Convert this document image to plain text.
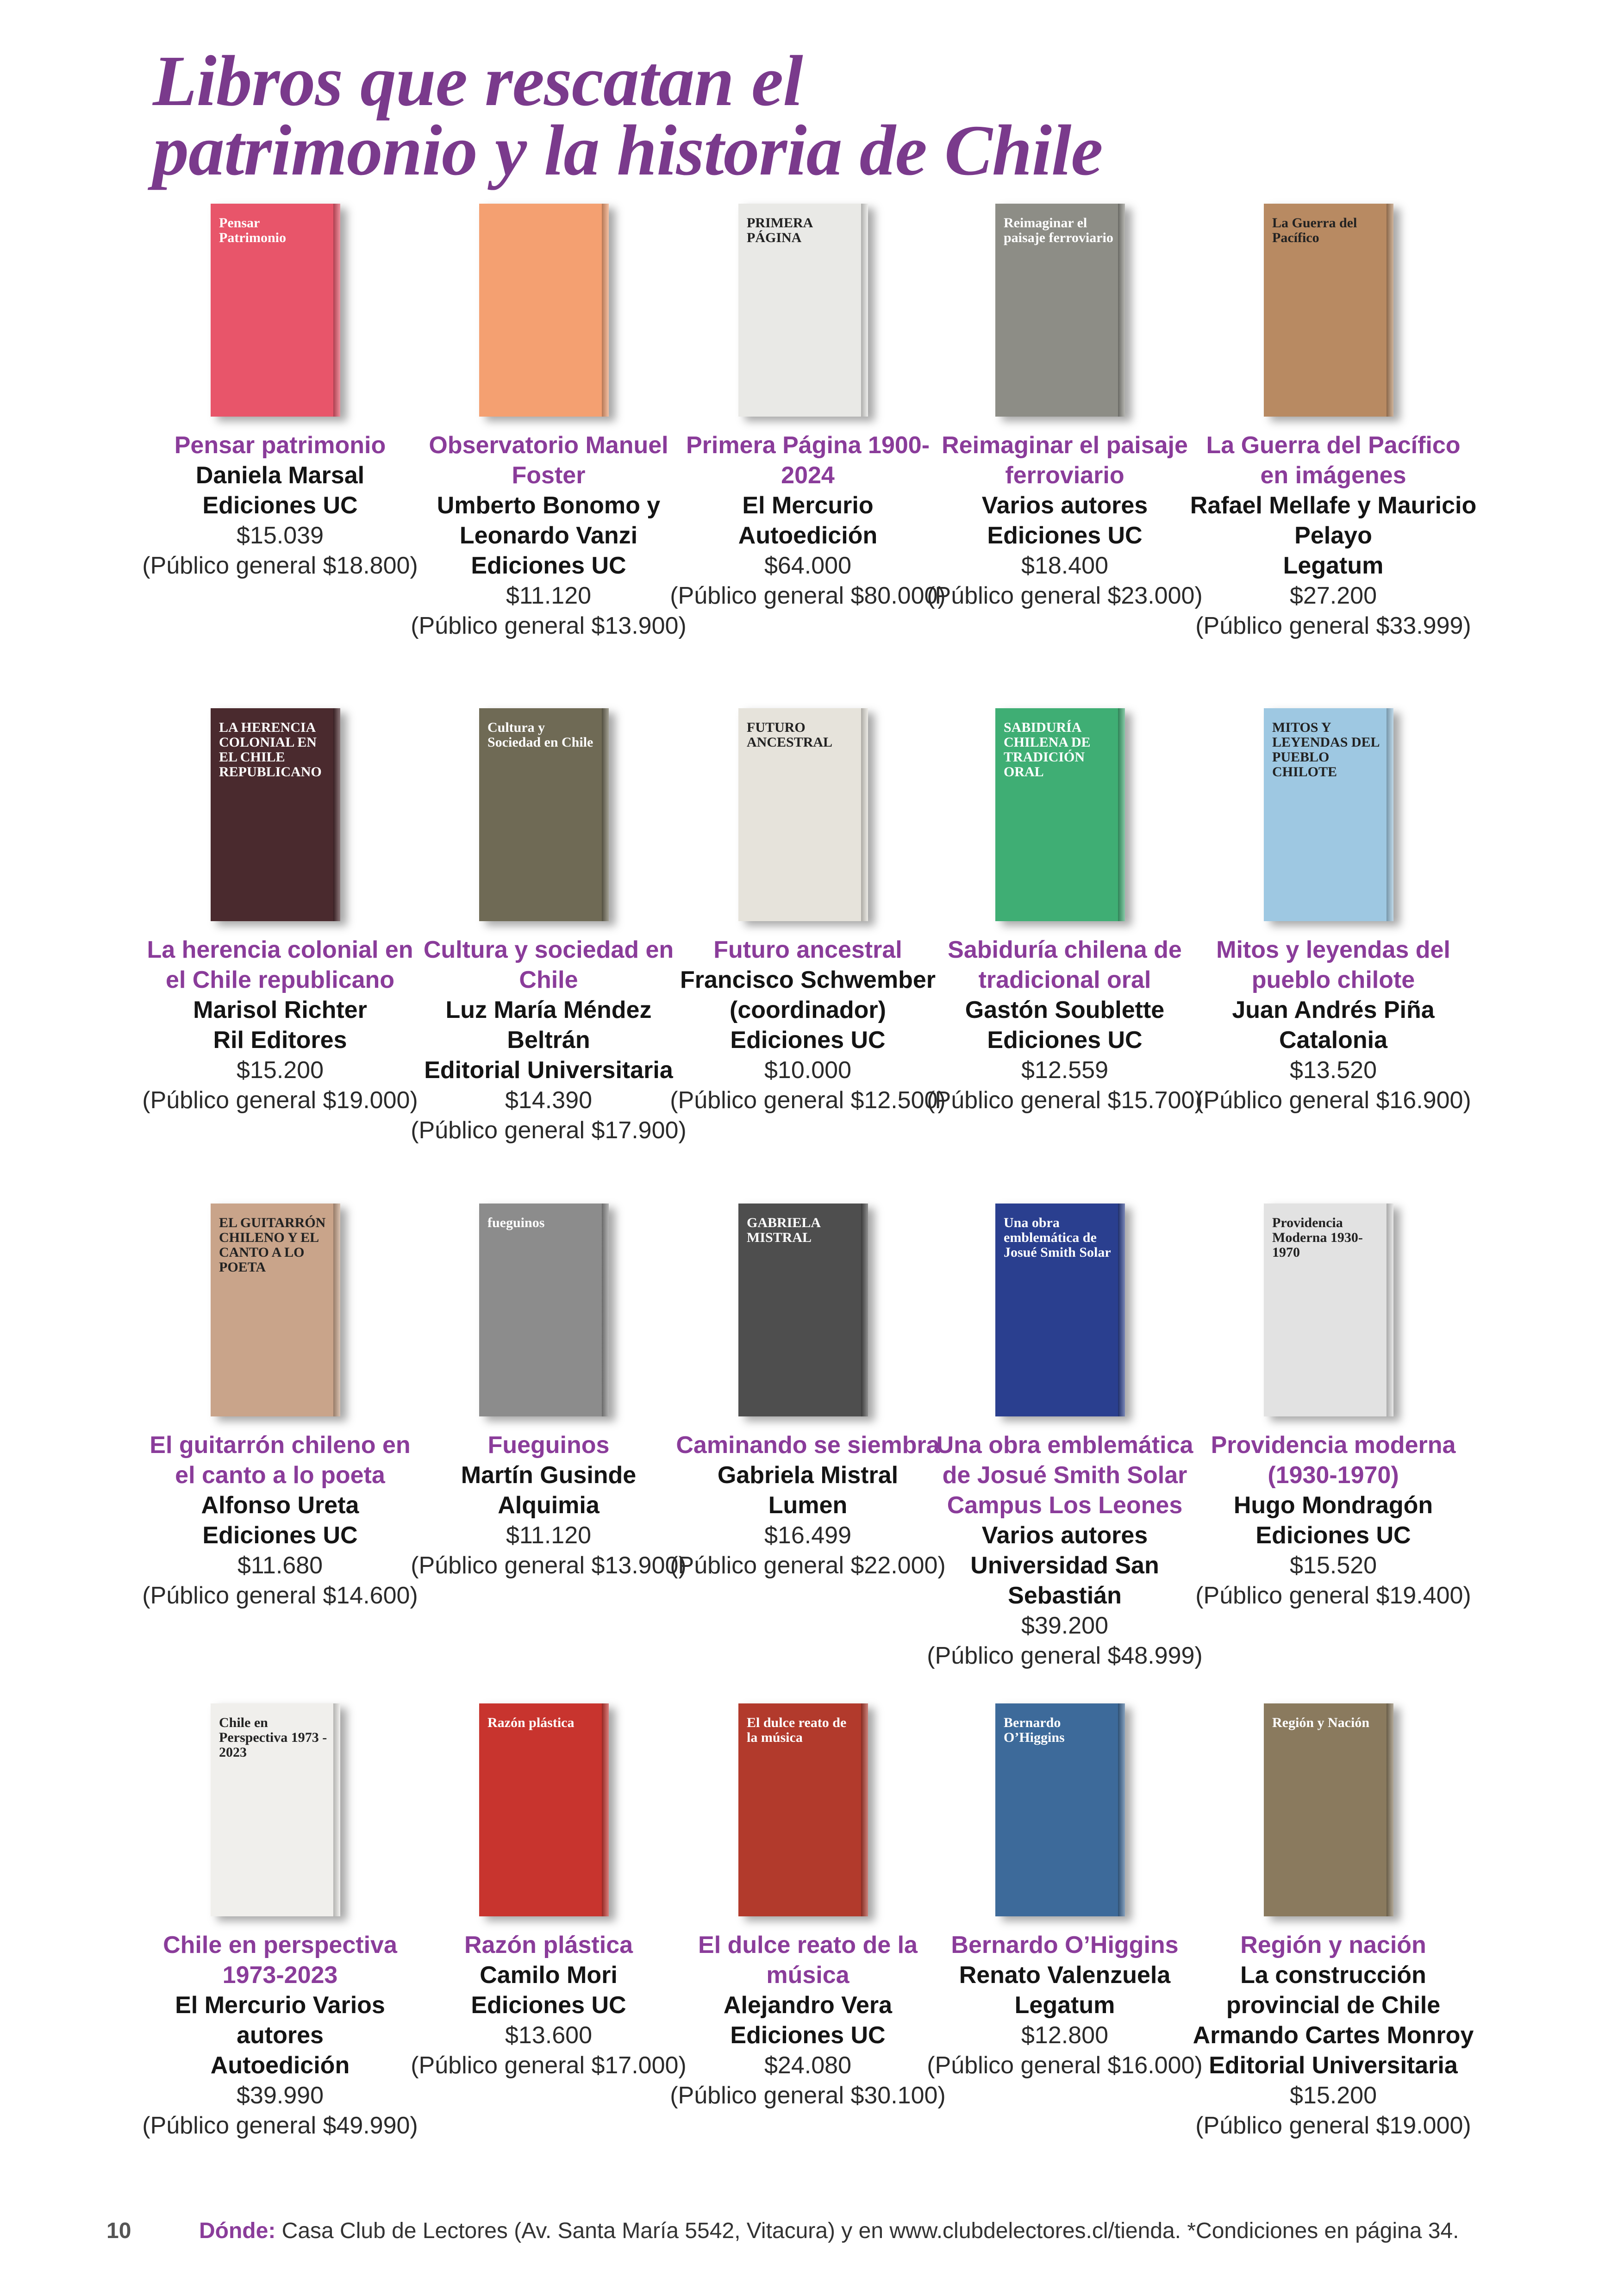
Libros que rescatan el
patrimonio y la historia de Chile
Pensar Patrimonio
Pensar patrimonio
Daniela Marsal
Ediciones UC
$15.039
(Público general $18.800)
Observatorio Manuel Foster
Umberto Bonomo y Leonardo Vanzi
Ediciones UC
$11.120
(Público general $13.900)
PRIMERA PÁGINA
Primera Página 1900-2024
El Mercurio
Autoedición
$64.000
(Público general $80.000)
Reimaginar el paisaje ferroviario
Reimaginar el paisaje ferroviario
Varios autores
Ediciones UC
$18.400
(Público general $23.000)
La Guerra del Pacífico
La Guerra del Pacífico en imágenes
Rafael Mellafe y Mauricio Pelayo
Legatum
$27.200
(Público general $33.999)
LA HERENCIA COLONIAL EN EL CHILE REPUBLICANO
La herencia colonial en el Chile republicano
Marisol Richter
Ril Editores
$15.200
(Público general $19.000)
Cultura y Sociedad en Chile
Cultura y sociedad en Chile
Luz María Méndez Beltrán
Editorial Universitaria
$14.390
(Público general $17.900)
FUTURO ANCESTRAL
Futuro ancestral
Francisco Schwember (coordinador)
Ediciones UC
$10.000
(Público general $12.500)
SABIDURÍA CHILENA DE TRADICIÓN ORAL
Sabiduría chilena de tradicional oral
Gastón Soublette
Ediciones UC
$12.559
(Público general $15.700)
MITOS Y LEYENDAS DEL PUEBLO CHILOTE
Mitos y leyendas del pueblo chilote
Juan Andrés Piña
Catalonia
$13.520
(Público general $16.900)
EL GUITARRÓN CHILENO Y EL CANTO A LO POETA
El guitarrón chileno en el canto a lo poeta
Alfonso Ureta
Ediciones UC
$11.680
(Público general $14.600)
fueguinos
Fueguinos
Martín Gusinde
Alquimia
$11.120
(Público general $13.900)
GABRIELA MISTRAL
Caminando se siembra
Gabriela Mistral
Lumen
$16.499
(Público general $22.000)
Una obra emblemática de Josué Smith Solar
Una obra emblemática de Josué Smith Solar Campus Los Leones
Varios autores
Universidad San Sebastián
$39.200
(Público general $48.999)
Providencia Moderna 1930-1970
Providencia moderna (1930-1970)
Hugo Mondragón
Ediciones UC
$15.520
(Público general $19.400)
Chile en Perspectiva 1973 - 2023
Chile en perspectiva 1973-2023
El Mercurio Varios autores
Autoedición
$39.990
(Público general $49.990)
Razón plástica
Razón plástica
Camilo Mori
Ediciones UC
$13.600
(Público general $17.000)
El dulce reato de la música
El dulce reato de la música
Alejandro Vera
Ediciones UC
$24.080
(Público general $30.100)
Bernardo O’Higgins
Bernardo O’Higgins
Renato Valenzuela
Legatum
$12.800
(Público general $16.000)
Región y Nación
Región y nación
La construcción provincial de Chile Armando Cartes Monroy
Editorial Universitaria
$15.200
(Público general $19.000)
10	Dónde: Casa Club de Lectores (Av. Santa María 5542, Vitacura) y en www.clubdelectores.cl/tienda. *Condiciones en página 34.
